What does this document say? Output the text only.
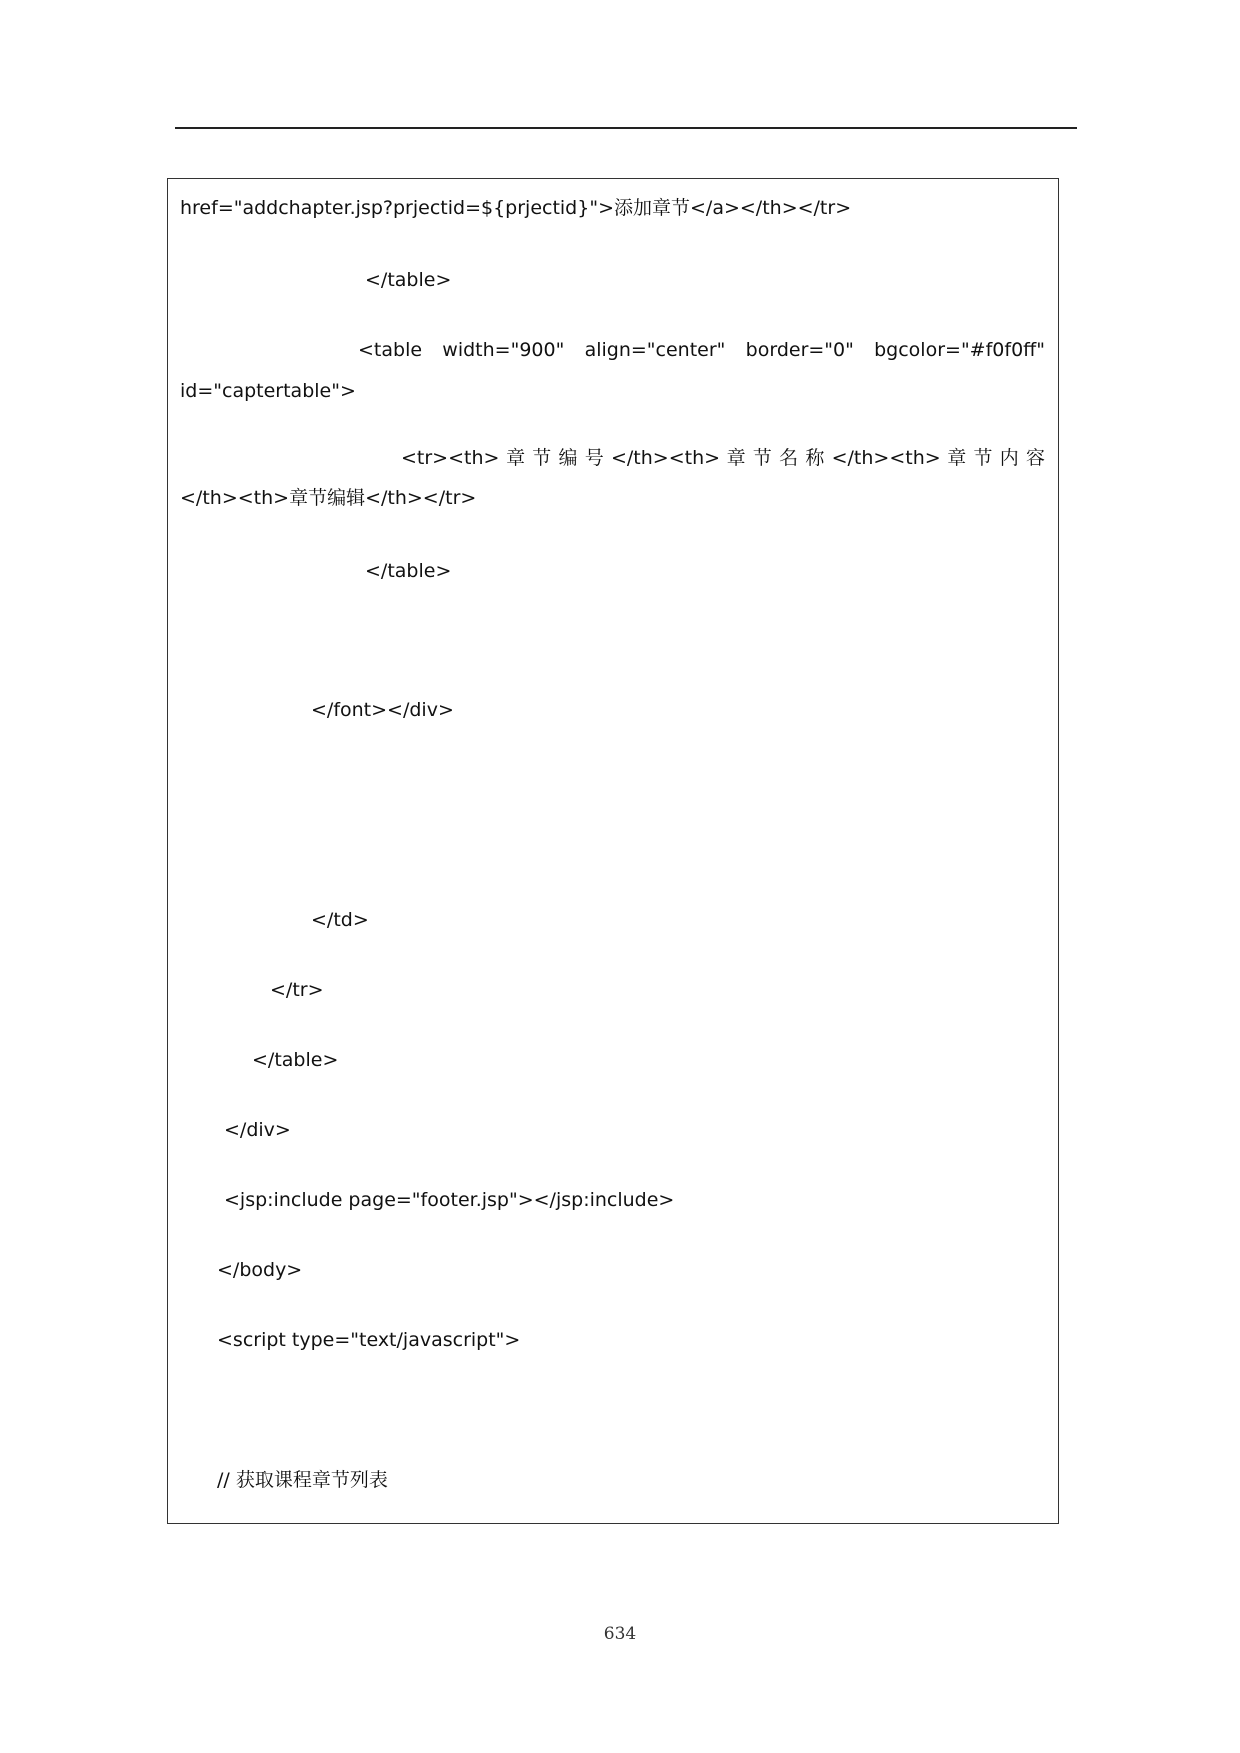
href="addchapter.jsp?prjectid=${prjectid}">添加章节</a></th></tr>
</table>
<table width="900" align="center" border="0" bgcolor="#f0f0ff"
id="captertable">
<tr><th> 章 节 编 号 </th><th> 章 节 名 称 </th><th> 章 节 内 容
</th><th>章节编辑</th></tr>
</table>
</font></div>
</td>
</tr>
</table>
</div>
<jsp:include page="footer.jsp"></jsp:include>
</body>
<script type="text/javascript">
// 获取课程章节列表
634
